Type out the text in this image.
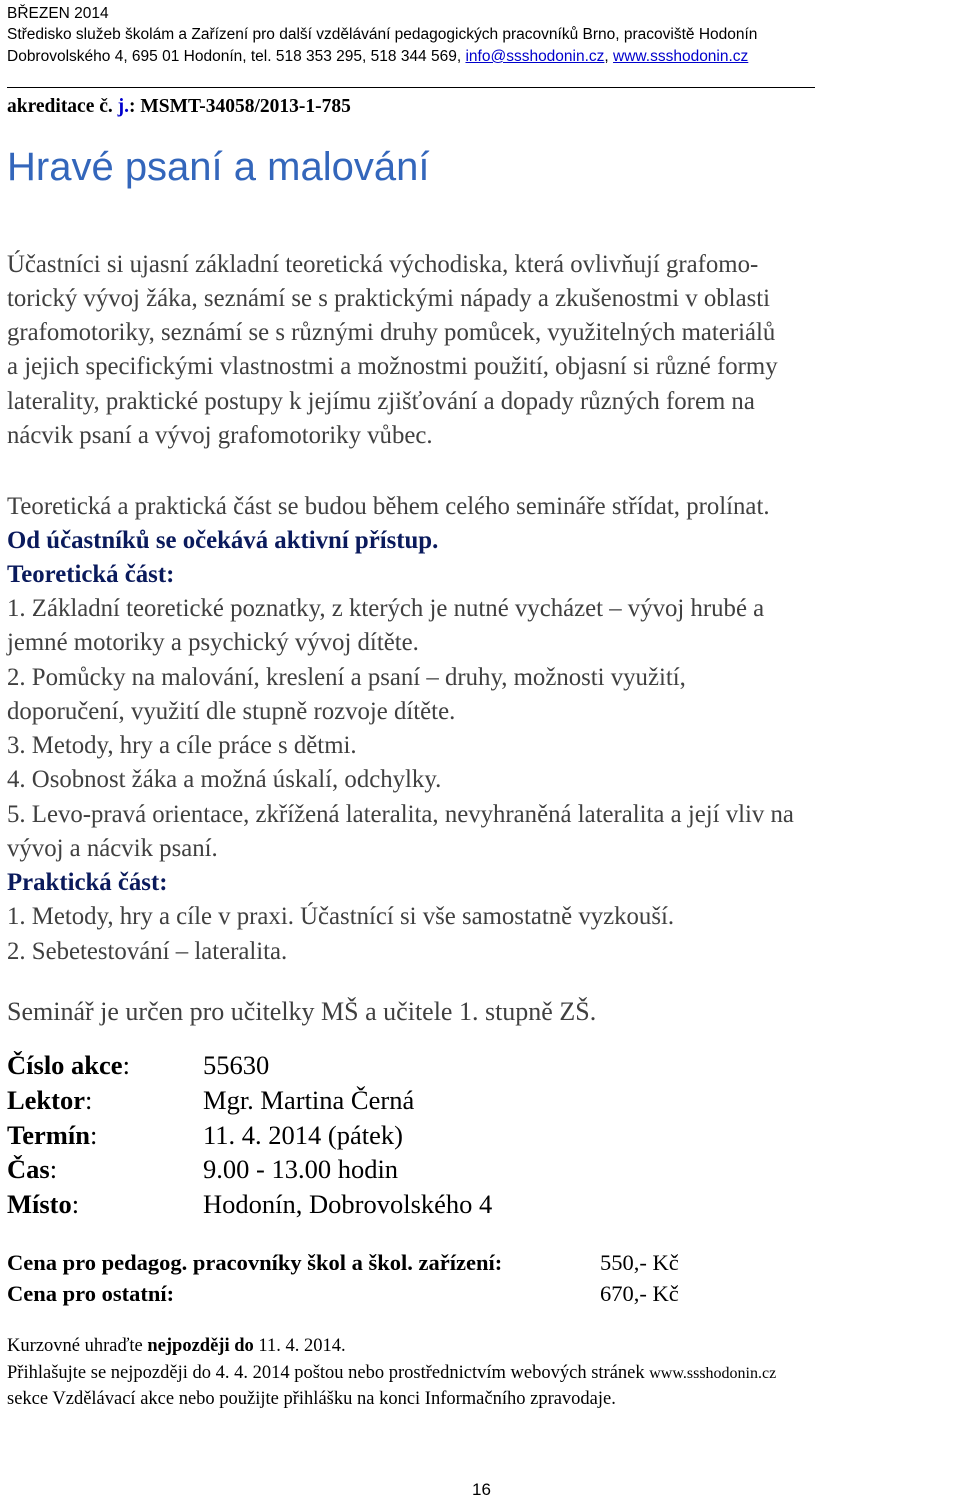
BŘEZEN 2014
Středisko služeb školám a Zařízení pro další vzdělávání pedagogických pracovníků Brno, pracoviště Hodonín
Dobrovolského 4, 695 01 Hodonín, tel. 518 353 295, 518 344 569, info@ssshodonin.cz, www.ssshodonin.cz
akreditace č. j.: MSMT-34058/2013-1-785
Hravé psaní a malování
Účastníci si ujasní základní teoretická východiska, která ovlivňují grafomo-
torický vývoj žáka, seznámí se s praktickými nápady a zkušenostmi v oblasti
grafomotoriky, seznámí se s různými druhy pomůcek, využitelných materiálů
a jejich specifickými vlastnostmi a možnostmi použití, objasní si různé formy
laterality, praktické postupy k jejímu zjišťování a dopady různých forem na
nácvik psaní a vývoj grafomotoriky vůbec.
Teoretická a praktická část se budou během celého semináře střídat, prolínat.
Od účastníků se očekává aktivní přístup.
Teoretická část:
1. Základní teoretické poznatky, z kterých je nutné vycházet – vývoj hrubé a
jemné motoriky a psychický vývoj dítěte.
2. Pomůcky na malování, kreslení a psaní – druhy, možnosti využití,
doporučení, využití dle stupně rozvoje dítěte.
3. Metody, hry a cíle práce s dětmi.
4. Osobnost žáka a možná úskalí, odchylky.
5. Levo-pravá orientace, zkřížená lateralita, nevyhraněná lateralita a její vliv na
vývoj a nácvik psaní.
Praktická část:
1. Metody, hry a cíle v praxi. Účastnící si vše samostatně vyzkouší.
2. Sebetestování – lateralita.
Seminář je určen pro učitelky MŠ a učitele 1. stupně ZŠ.
Číslo akce:	55630
Lektor:	Mgr. Martina Černá
Termín:	11. 4. 2014 (pátek)
Čas:	9.00 - 13.00 hodin
Místo:	Hodonín, Dobrovolského 4
Cena pro pedagog. pracovníky škol a škol. zařízení:	550,- Kč
Cena pro ostatní:	670,- Kč
Kurzovné uhraďte nejpozději do 11. 4. 2014.
Přihlašujte se nejpozději do 4. 4. 2014 poštou nebo prostřednictvím webových stránek www.ssshodonin.cz
sekce Vzdělávací akce nebo použijte přihlášku na konci Informačního zpravodaje.
16
